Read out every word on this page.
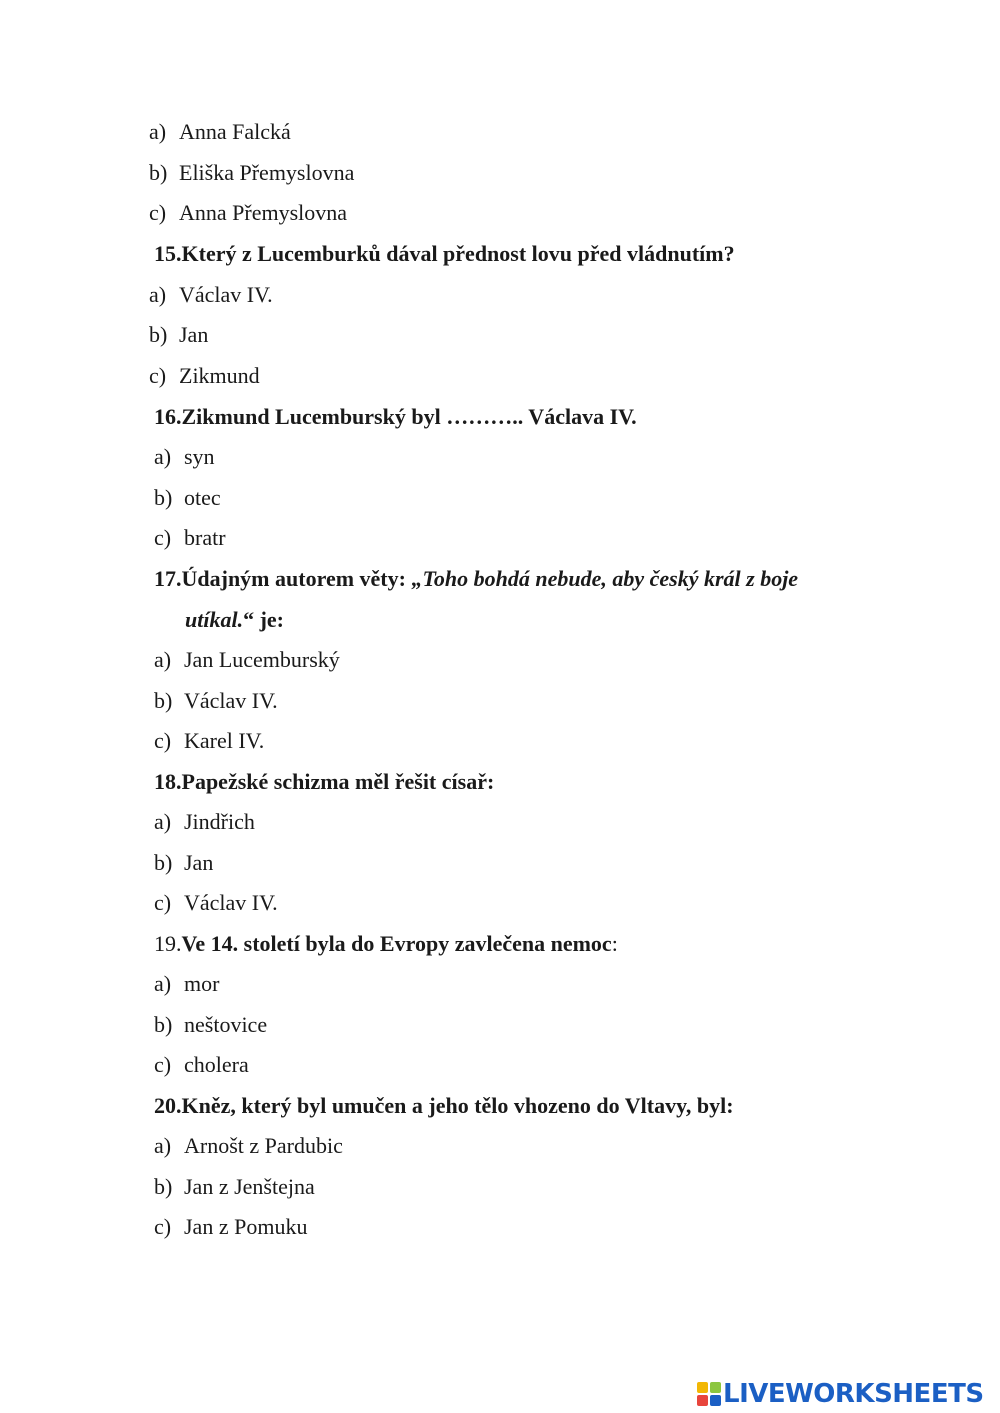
a) Anna Falcká
b) Eliška Přemyslovna
c) Anna Přemyslovna
15.Který z Lucemburků dával přednost lovu před vládnutím?
a) Václav IV.
b) Jan
c) Zikmund
16.Zikmund Lucemburský byl ……….. Václava IV.
a) syn
b) otec
c) bratr
17.Údajným autorem věty: „Toho bohdá nebude, aby český král z boje
utíkal.“ je:
a) Jan Lucemburský
b) Václav IV.
c) Karel IV.
18.Papežské schizma měl řešit císař:
a) Jindřich
b) Jan
c) Václav IV.
19.Ve 14. století byla do Evropy zavlečena nemoc:
a) mor
b) neštovice
c) cholera
20.Kněz, který byl umučen a jeho tělo vhozeno do Vltavy, byl:
a) Arnošt z Pardubic
b) Jan z Jenštejna
c) Jan z Pomuku
LIVEWORKSHEETS
